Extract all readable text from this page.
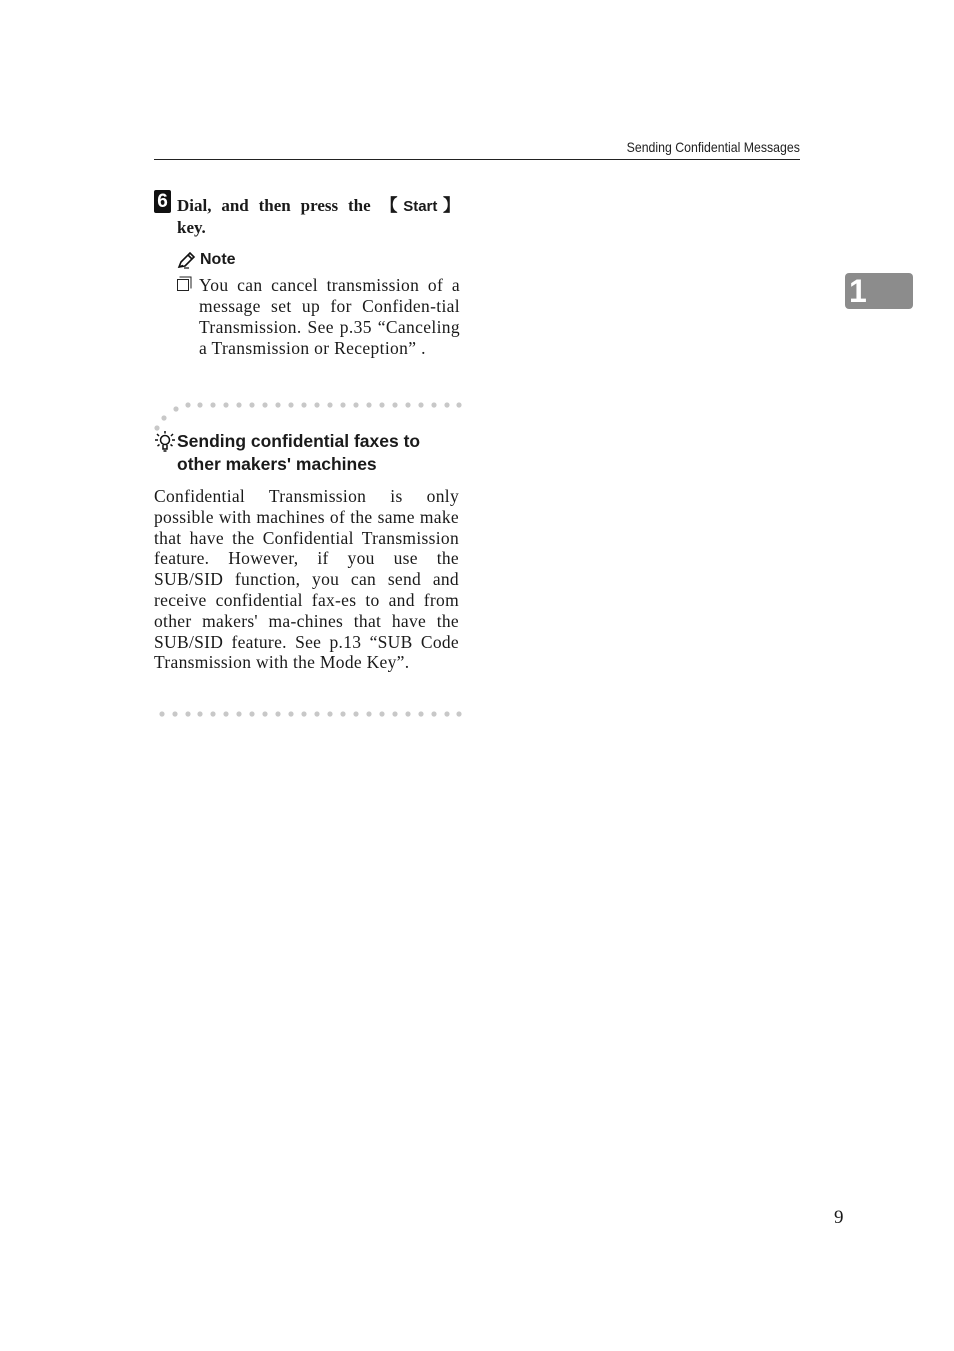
Sending Confidential Messages
1
6 Dial, and then press the 【Start】
key.
Note
You can cancel transmission of a message set up for Confiden-tial Transmission. See p.35 “Canceling a Transmission or Reception” .
Sending confidential faxes to other makers' machines
Confidential Transmission is only possible with machines of the same make that have the Confidential Transmission feature. However, if you use the SUB/SID function, you can send and receive confidential fax-es to and from other makers' ma-chines that have the SUB/SID feature. See p.13 “SUB Code Transmission with the Mode Key”.
9
